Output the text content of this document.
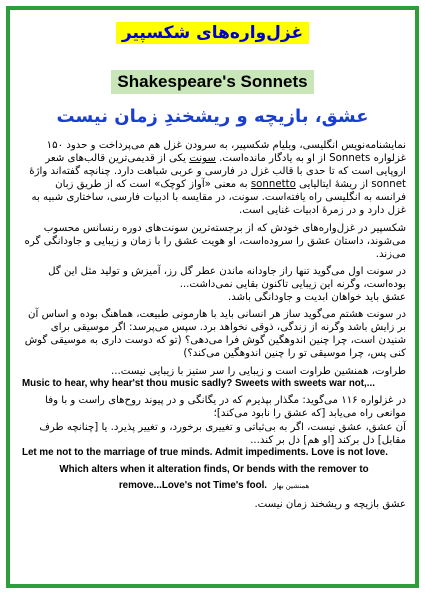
غزل‌واره‌های شکسپیر
Shakespeare's Sonnets
عشق، بازیچه و ریشخندِ زمان نیست

نمایشنامه‌نویس انگلیسی، ویلیام شکسپیر، به سرودن غزل هم می‌پرداخت و حدود ۱۵۰ غزلواره Sonnets از او به یادگار مانده‌است. سونت یکی از قدیمی‌ترین قالب‌های شعر اروپایی است که تا حدی با قالب غزل در فارسی و عربی شباهت دارد. چنانچه گفته‌اند واژهٔ sonnet از ریشهٔ ایتالیایی sonnetto به معنی «آواز کوچک» است که از طریق زبان فرانسه به انگلیسی راه یافته‌است. سونت، در مقایسه با ادبیات فارسی، ساختاری شبیه به غزل دارد و در زمرهٔ ادبیات غنایی است.

شکسپیر در غزل‌واره‌های خودش که از برجسته‌ترین سونت‌های دوره رنسانس محسوب می‌شوند، داستان عشق را سروده‌است، او هویت عشق را با زمان و زیبایی و جاودانگی گره می‌زند.

در سونت اول می‌گوید تنها راز جاودانه ماندن عطر گل رز، آمیزش و تولید مثل این گل بوده‌است، وگرنه این زیبایی تاکنون بقایی نمی‌داشت...

عشق باید خواهان ابدیت و جاودانگی باشد.

در سونت هشتم می‌گوید ساز هر انسانی باید با هارمونی طبیعت، هماهنگ بوده و اساس آن بر زایش باشد وگرنه از زندگی، ذوقی نخواهد برد. سپس می‌پرسد: اگر موسیقی برای شنیدن است، چرا چنین اندوهگین گوش فرا می‌دهی؟ (تو که دوست داری به موسیقی گوش کنی پس، چرا موسیقی تو را چنین اندوهگین می‌کند؟)

طراوت، همنشین طراوت است و زیبایی را سر ستیز با زیبایی نیست...

Music to hear, why hear'st thou music sadly? Sweets with sweets war not,...

در غزلواره ۱۱۶ می‌گوید: مگذار بپذیرم که در یگانگی و در پیوند روح‌های راست و با وفا موانعی راه می‌یابد [که عشق را نابود می‌کند]؛

آن عشق، عشق نیست، اگر به بی‌ثباتی و تغییری برخورد، و تغییر پذیرد. یا [چنانچه طرف مقابل] دل برکند [او هم] دل بر کند...

Let me not to the marriage of true minds. Admit impediments. Love is not love.

Which alters when it alteration finds, Or bends with the remover to

remove...Love's not Time's fool. همنشین بهار

عشق بازیچه و ریشخند زمان نیست.
